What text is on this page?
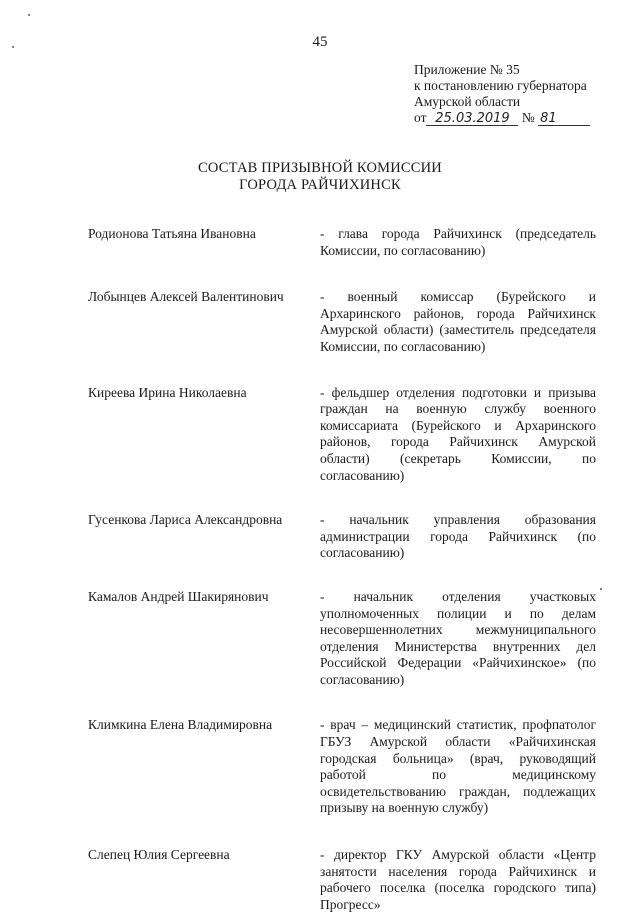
45
Приложение № 35
к постановлению губернатора
Амурской области
от 25.03.2019 № 81
СОСТАВ ПРИЗЫВНОЙ КОМИССИИ
ГОРОДА РАЙЧИХИНСК
Родионова Татьяна Ивановна	- глава города Райчихинск (председатель Комиссии, по согласованию)
Лобынцев Алексей Валентинович	- военный комиссар (Бурейского и Архаринского районов, города Райчихинск Амурской области) (заместитель председателя Комиссии, по согласованию)
Киреева Ирина Николаевна	- фельдшер отделения подготовки и призыва граждан на военную службу военного комиссариата (Бурейского и Архаринского районов, города Райчихинск Амурской области) (секретарь Комиссии, по согласованию)
Гусенкова Лариса Александровна	- начальник управления образования администрации города Райчихинск (по согласованию)
Камалов Андрей Шакирянович	- начальник отделения участковых уполномоченных полиции и по делам несовершеннолетних межмуниципального отделения Министерства внутренних дел Российской Федерации «Райчихинское» (по согласованию)
Климкина Елена Владимировна	- врач – медицинский статистик, профпатолог ГБУЗ Амурской области «Райчихинская городская больница» (врач, руководящий работой по медицинскому освидетельствованию граждан, подлежащих призыву на военную службу)
Слепец Юлия Сергеевна	- директор ГКУ Амурской области «Центр занятости населения города Райчихинск и рабочего поселка (поселка городского типа) Прогресс»
